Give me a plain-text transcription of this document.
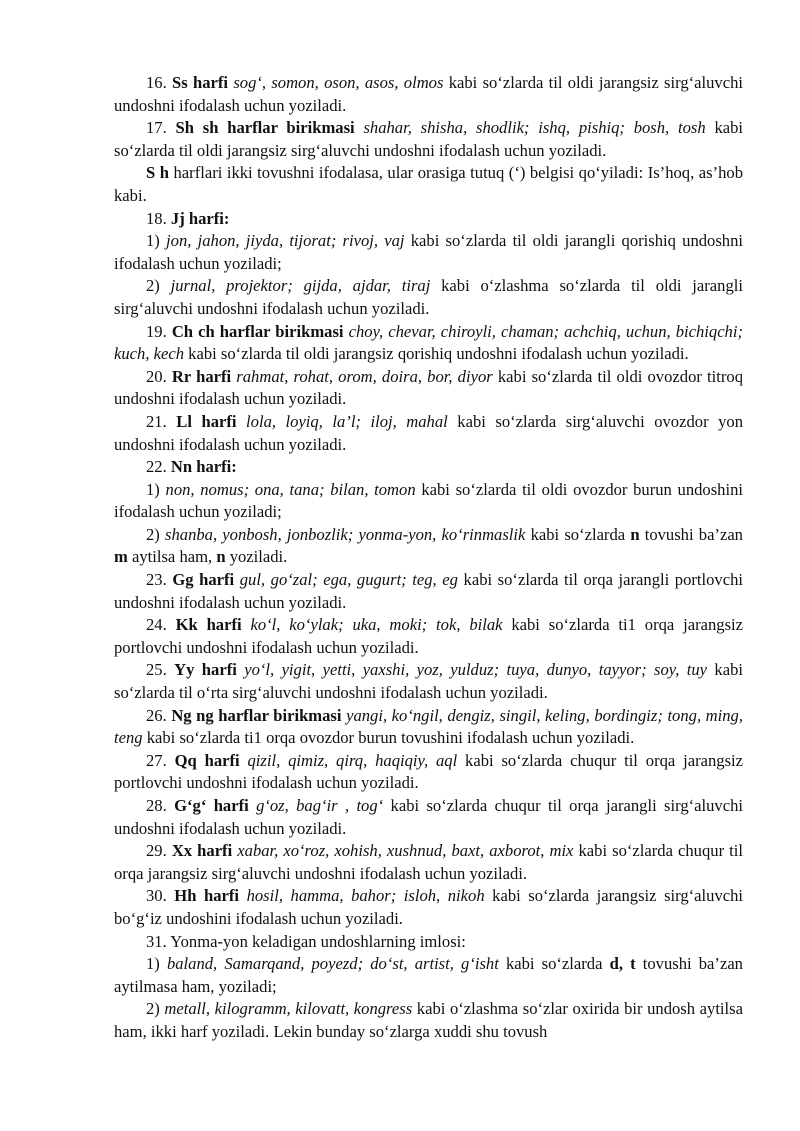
16. Ss harfi sog‘, somon, oson, asos, olmos kabi so‘zlarda til oldi jarangsiz sirg‘aluvchi undoshni ifodalash uchun yoziladi.

17. Sh sh harflar birikmasi shahar, shisha, shodlik; ishq, pishiq; bosh, tosh kabi so‘zlarda til oldi jarangsiz sirg‘aluvchi undoshni ifodalash uchun yoziladi.

S h harflari ikki tovushni ifodalasa, ular orasiga tutuq (‘) belgisi qo‘yiladi: Is’hoq, as’hob kabi.

18. Jj harfi:

1) jon, jahon, jiyda, tijorat; rivoj, vaj kabi so‘zlarda til oldi jarangli qorishiq undoshni ifodalash uchun yoziladi;

2) jurnal, projektor; gijda, ajdar, tiraj kabi o‘zlashma so‘zlarda til oldi jarangli sirg‘aluvchi undoshni ifodalash uchun yoziladi.

19. Ch ch harflar birikmasi choy, chevar, chiroyli, chaman; achchiq, uchun, bichiqchi; kuch, kech kabi so‘zlarda til oldi jarangsiz qorishiq undoshni ifodalash uchun yoziladi.

20. Rr harfi rahmat, rohat, orom, doira, bor, diyor kabi so‘zlarda til oldi ovozdor titroq undoshni ifodalash uchun yoziladi.

21. Ll harfi lola, loyiq, la’l; iloj, mahal kabi so‘zlarda sirg‘aluvchi ovozdor yon undoshni ifodalash uchun yoziladi.

22. Nn harfi:

1) non, nomus; ona, tana; bilan, tomon kabi so‘zlarda til oldi ovozdor burun undoshini ifodalash uchun yoziladi;

2) shanba, yonbosh, jonbozlik; yonma-yon, ko‘rinmaslik kabi so‘zlarda n tovushi ba’zan m aytilsa ham, n yoziladi.

23. Gg harfi gul, go‘zal; ega, gugurt; teg, eg kabi so‘zlarda til orqa jarangli portlovchi undoshni ifodalash uchun yoziladi.

24. Kk harfi ko‘l, ko‘ylak; uka, moki; tok, bilak kabi so‘zlarda ti1 orqa jarangsiz portlovchi undoshni ifodalash uchun yoziladi.

25. Yy harfi yo‘l, yigit, yetti, yaxshi, yoz, yulduz; tuya, dunyo, tayyor; soy, tuy kabi so‘zlarda til o‘rta sirg‘aluvchi undoshni ifodalash uchun yoziladi.

26. Ng ng harflar birikmasi yangi, ko‘ngil, dengiz, singil, keling, bordingiz; tong, ming, teng kabi so‘zlarda ti1 orqa ovozdor burun tovushini ifodalash uchun yoziladi.

27. Qq harfi qizil, qimiz, qirq, haqiqiy, aql kabi so‘zlarda chuqur til orqa jarangsiz portlovchi undoshni ifodalash uchun yoziladi.

28. G‘g‘ harfi g‘oz, bag‘ir , tog‘ kabi so‘zlarda chuqur til orqa jarangli sirg‘aluvchi undoshni ifodalash uchun yoziladi.

29. Xx harfi xabar, xo‘roz, xohish, xushnud, baxt, axborot, mix kabi so‘zlarda chuqur til orqa jarangsiz sirg‘aluvchi undoshni ifodalash uchun yoziladi.

30. Hh harfi hosil, hamma, bahor; isloh, nikoh kabi so‘zlarda jarangsiz sirg‘aluvchi bo‘g‘iz undoshini ifodalash uchun yoziladi.

31. Yonma-yon keladigan undoshlarning imlosi:

1) baland, Samarqand, poyezd; do‘st, artist, g‘isht kabi so‘zlarda d, t tovushi ba’zan aytilmasa ham, yoziladi;

2) metall, kilogramm, kilovatt, kongress kabi o‘zlashma so‘zlar oxirida bir undosh aytilsa ham, ikki harf yoziladi. Lekin bunday so‘zlarga xuddi shu tovush
